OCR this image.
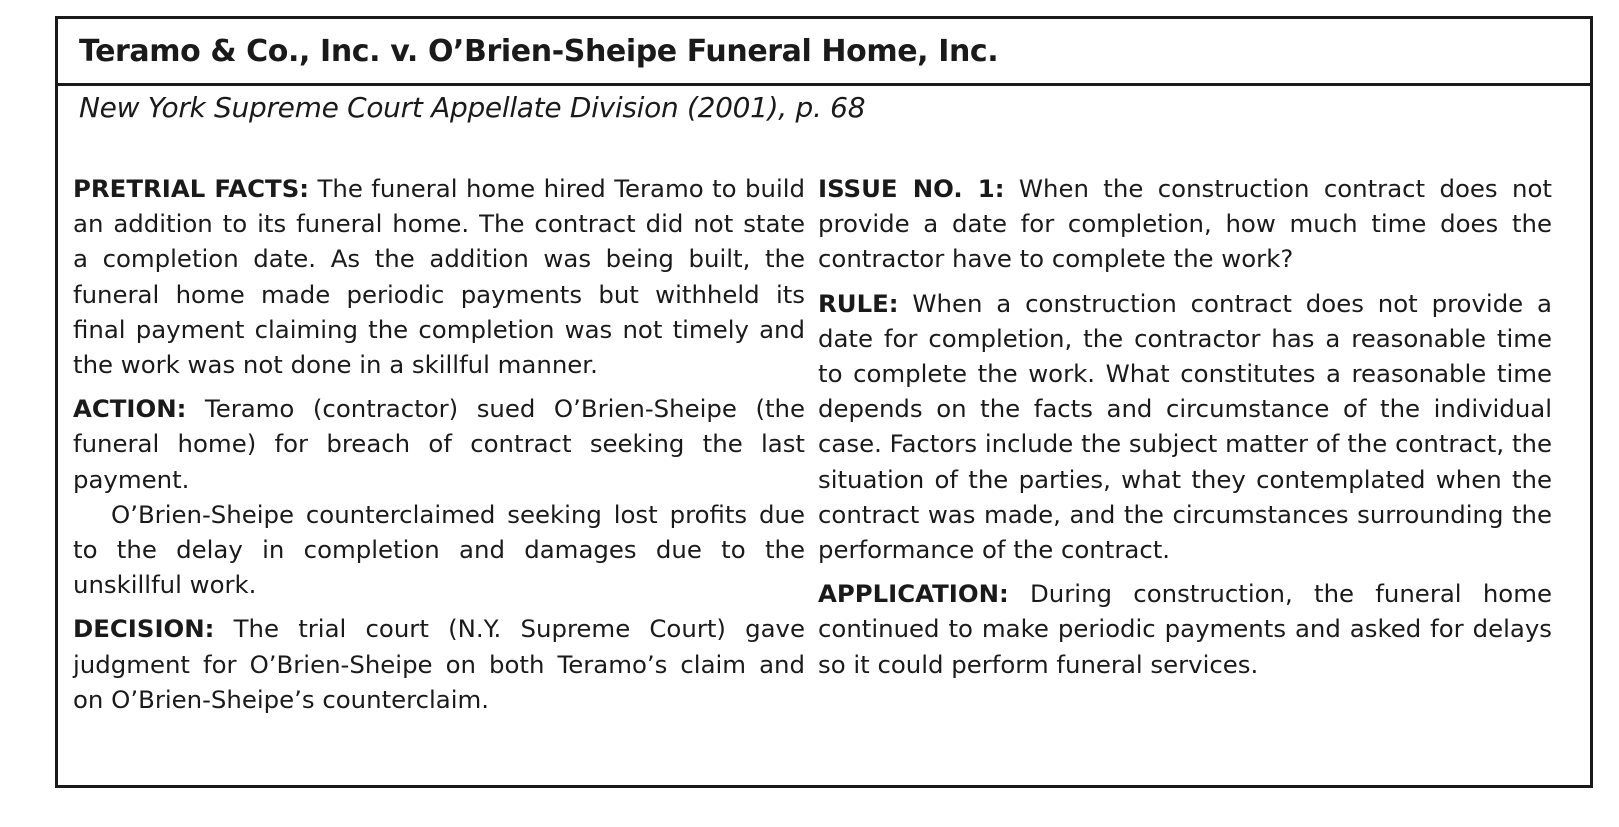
Teramo & Co., Inc. v. O’Brien-Sheipe Funeral Home, Inc.
New York Supreme Court Appellate Division (2001), p. 68

PRETRIAL FACTS: The funeral home hired Teramo to build an addition to its funeral home. The contract did not state a completion date. As the addition was being built, the funeral home made periodic payments but withheld its final payment claiming the completion was not timely and the work was not done in a skillful manner.

ACTION: Teramo (contractor) sued O’Brien-Sheipe (the funeral home) for breach of contract seeking the last payment.

O’Brien-Sheipe counterclaimed seeking lost profits due to the delay in completion and damages due to the unskillful work.

DECISION: The trial court (N.Y. Supreme Court) gave judgment for O’Brien-Sheipe on both Teramo’s claim and on O’Brien-Sheipe’s counterclaim.

ISSUE NO. 1: When the construction contract does not provide a date for completion, how much time does the contractor have to complete the work?

RULE: When a construction contract does not provide a date for completion, the contractor has a reasonable time to complete the work. What constitutes a reasonable time depends on the facts and circumstance of the individual case. Factors include the subject matter of the contract, the situation of the parties, what they contemplated when the contract was made, and the circumstances surrounding the performance of the contract.

APPLICATION: During construction, the funeral home continued to make periodic payments and asked for delays so it could perform funeral services.
